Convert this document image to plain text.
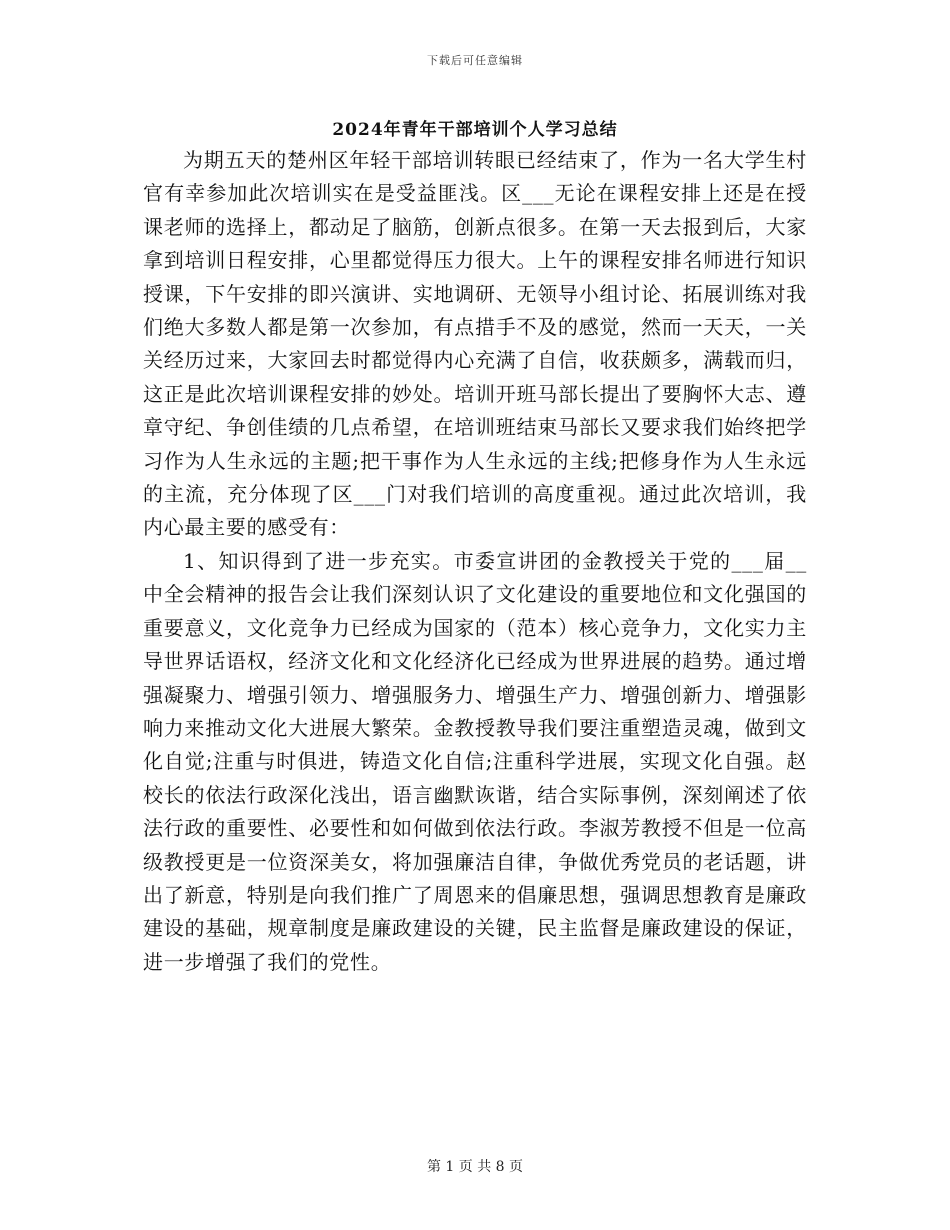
下载后可任意编辑
2024年青年干部培训个人学习总结

为期五天的楚州区年轻干部培训转眼已经结束了，作为一名大学生村官有幸参加此次培训实在是受益匪浅。区___无论在课程安排上还是在授课老师的选择上，都动足了脑筋，创新点很多。在第一天去报到后，大家拿到培训日程安排，心里都觉得压力很大。上午的课程安排名师进行知识授课，下午安排的即兴演讲、实地调研、无领导小组讨论、拓展训练对我们绝大多数人都是第一次参加，有点措手不及的感觉，然而一天天，一关关经历过来，大家回去时都觉得内心充满了自信，收获颇多，满载而归，这正是此次培训课程安排的妙处。培训开班马部长提出了要胸怀大志、遵章守纪、争创佳绩的几点希望，在培训班结束马部长又要求我们始终把学习作为人生永远的主题;把干事作为人生永远的主线;把修身作为人生永远的主流，充分体现了区___门对我们培训的高度重视。通过此次培训，我内心最主要的感受有：

1、知识得到了进一步充实。市委宣讲团的金教授关于党的___届__中全会精神的报告会让我们深刻认识了文化建设的重要地位和文化强国的重要意义，文化竞争力已经成为国家的（范本）核心竞争力，文化实力主导世界话语权，经济文化和文化经济化已经成为世界进展的趋势。通过增强凝聚力、增强引领力、增强服务力、增强生产力、增强创新力、增强影响力来推动文化大进展大繁荣。金教授教导我们要注重塑造灵魂，做到文化自觉;注重与时俱进，铸造文化自信;注重科学进展，实现文化自强。赵校长的依法行政深化浅出，语言幽默诙谐，结合实际事例，深刻阐述了依法行政的重要性、必要性和如何做到依法行政。李淑芳教授不但是一位高级教授更是一位资深美女，将加强廉洁自律，争做优秀党员的老话题，讲出了新意，特别是向我们推广了周恩来的倡廉思想，强调思想教育是廉政建设的基础，规章制度是廉政建设的关键，民主监督是廉政建设的保证，进一步增强了我们的党性。

第 1 页 共 8 页
